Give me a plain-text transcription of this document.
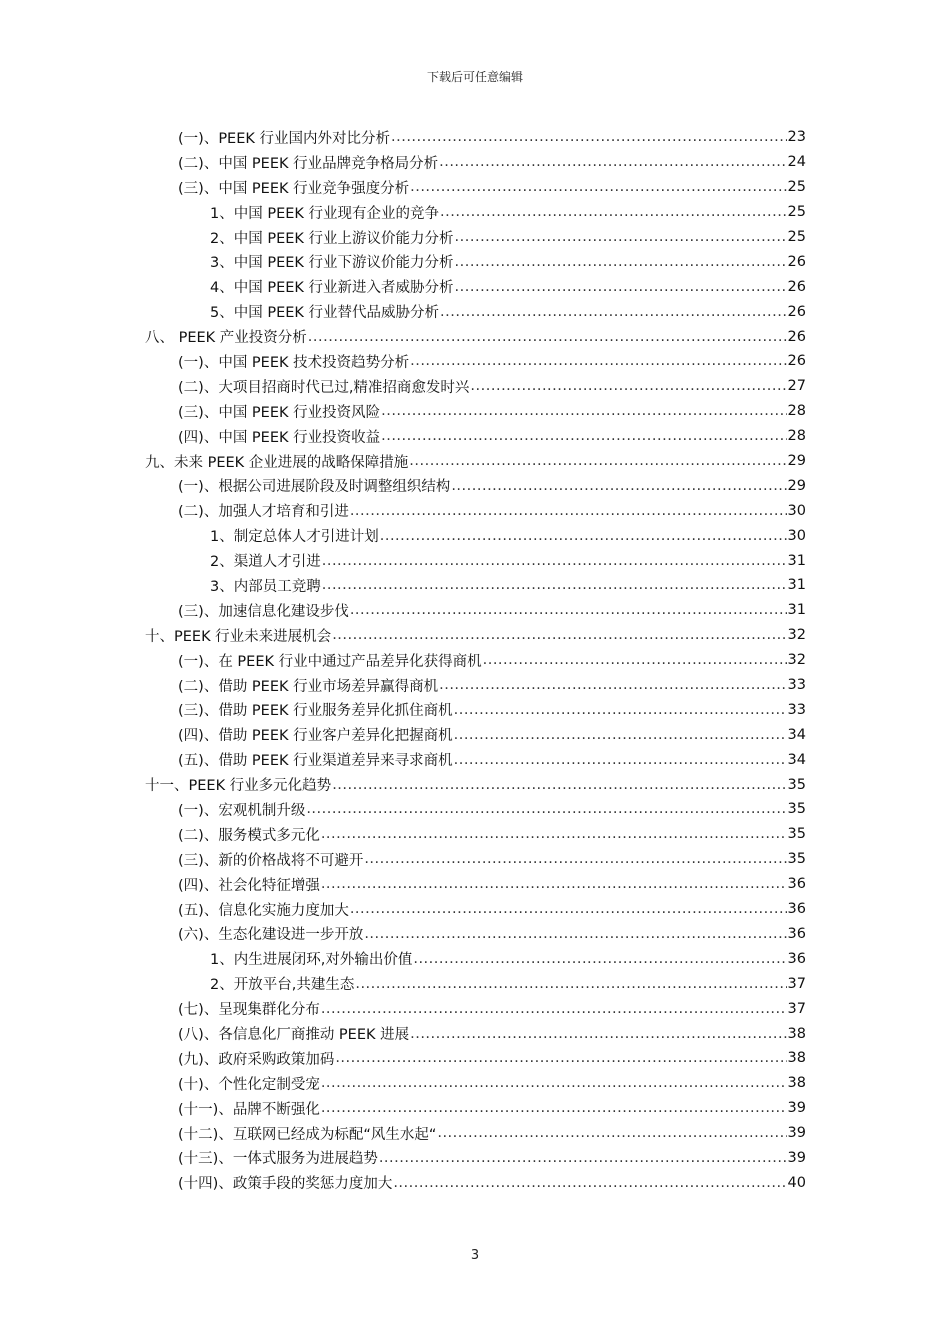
下载后可任意编辑
(一)、PEEK 行业国内外对比分析 .....	23
(二)、中国 PEEK 行业品牌竞争格局分析 .....	24
(三)、中国 PEEK 行业竞争强度分析 .....	25
1、中国 PEEK 行业现有企业的竞争 .....	25
2、中国 PEEK 行业上游议价能力分析 .....	25
3、中国 PEEK 行业下游议价能力分析 .....	26
4、中国 PEEK 行业新进入者威胁分析 .....	26
5、中国 PEEK 行业替代品威胁分析 .....	26
八、 PEEK 产业投资分析 .....	26
(一)、中国 PEEK 技术投资趋势分析 .....	26
(二)、大项目招商时代已过,精准招商愈发时兴 .....	27
(三)、中国 PEEK 行业投资风险 .....	28
(四)、中国 PEEK 行业投资收益 .....	28
九、未来 PEEK 企业进展的战略保障措施 .....	29
(一)、根据公司进展阶段及时调整组织结构 .....	29
(二)、加强人才培育和引进 .....	30
1、制定总体人才引进计划 .....	30
2、渠道人才引进 .....	31
3、内部员工竞聘 .....	31
(三)、加速信息化建设步伐 .....	31
十、PEEK 行业未来进展机会 .....	32
(一)、在 PEEK 行业中通过产品差异化获得商机 .....	32
(二)、借助 PEEK 行业市场差异赢得商机 .....	33
(三)、借助 PEEK 行业服务差异化抓住商机 .....	33
(四)、借助 PEEK 行业客户差异化把握商机 .....	34
(五)、借助 PEEK 行业渠道差异来寻求商机 .....	34
十一、PEEK 行业多元化趋势 .....	35
(一)、宏观机制升级 .....	35
(二)、服务模式多元化 .....	35
(三)、新的价格战将不可避开 .....	35
(四)、社会化特征增强 .....	36
(五)、信息化实施力度加大 .....	36
(六)、生态化建设进一步开放 .....	36
1、内生进展闭环,对外输出价值 .....	36
2、开放平台,共建生态 .....	37
(七)、呈现集群化分布 .....	37
(八)、各信息化厂商推动 PEEK 进展 .....	38
(九)、政府采购政策加码 .....	38
(十)、个性化定制受宠 .....	38
(十一)、品牌不断强化 .....	39
(十二)、互联网已经成为标配“风生水起“ .....	39
(十三)、一体式服务为进展趋势 .....	39
(十四)、政策手段的奖惩力度加大 .....	40
3
